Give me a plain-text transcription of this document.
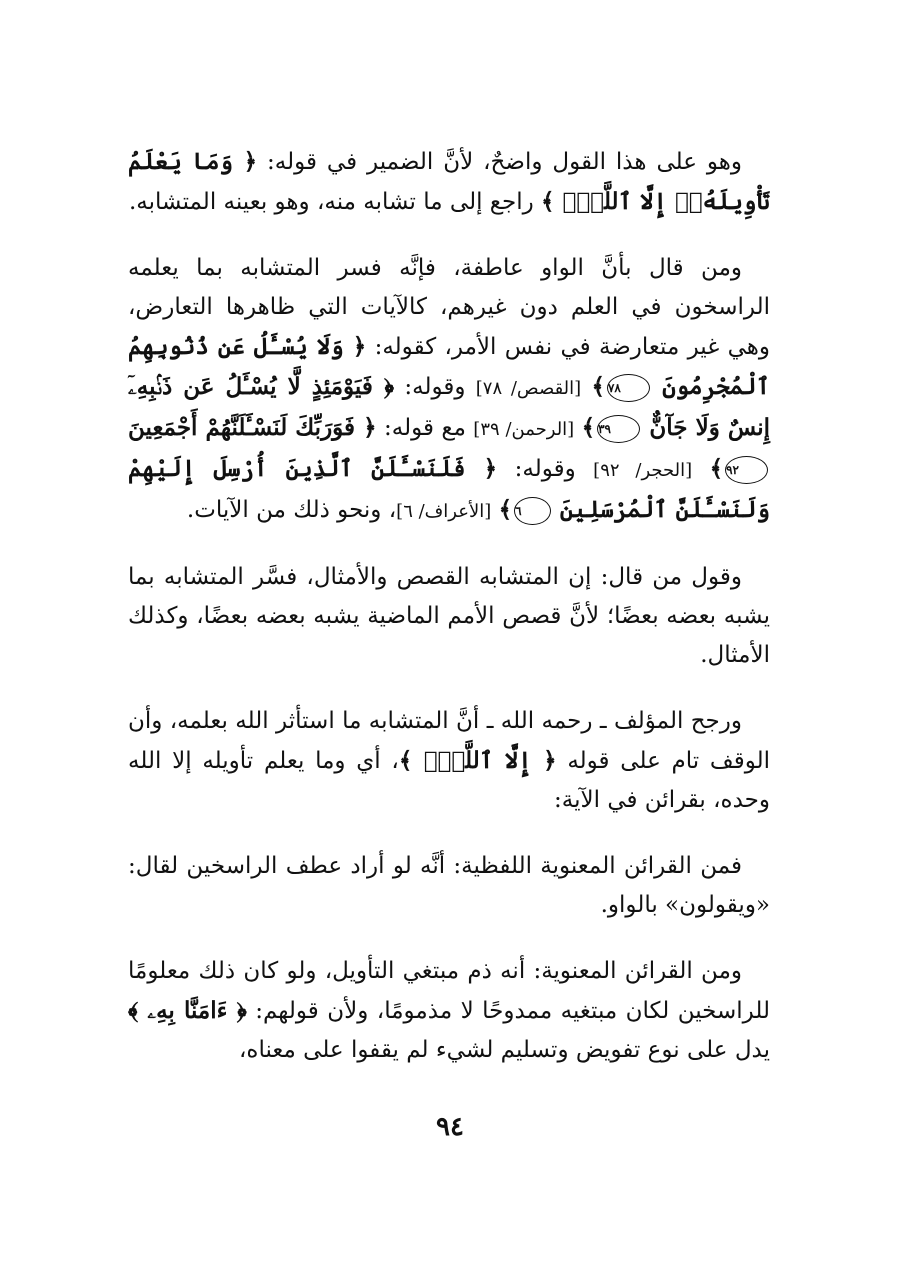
وهو على هذا القول واضحٌ، لأنَّ الضمير في قوله: ﴿ وَمَا يَعْلَمُ تَأْوِيلَهُۥٓ إِلَّا ٱللَّهُۗ ﴾ راجع إلى ما تشابه منه، وهو بعينه المتشابه.

ومن قال بأنَّ الواو عاطفة، فإنَّه فسر المتشابه بما يعلمه الراسخون في العلم دون غيرهم، كالآيات التي ظاهرها التعارض، وهي غير متعارضة في نفس الأمر، كقوله: ﴿ وَلَا يُسْـَٔلُ عَن ذُنُوبِهِمُ ٱلْمُجْرِمُونَ ٧٨﴾ [القصص/ ٧٨] وقوله: ﴿ فَيَوْمَئِذٍ لَّا يُسْـَٔلُ عَن ذَنۢبِهِۦٓ إِنسٌ وَلَا جَآنٌّ ٣٩﴾ [الرحمن/ ٣٩] مع قوله: ﴿ فَوَرَبِّكَ لَنَسْـَٔلَنَّهُمْ أَجْمَعِينَ ٩٢﴾ [الحجر/ ٩٢] وقوله: ﴿ فَلَنَسْـَٔلَنَّ ٱلَّذِينَ أُرْسِلَ إِلَيْهِمْ وَلَنَسْـَٔلَنَّ ٱلْمُرْسَلِينَ ٦﴾ [الأعراف/ ٦]، ونحو ذلك من الآيات.

وقول من قال: إن المتشابه القصص والأمثال، فسَّر المتشابه بما يشبه بعضه بعضًا؛ لأنَّ قصص الأمم الماضية يشبه بعضه بعضًا، وكذلك الأمثال.

ورجح المؤلف ـ رحمه الله ـ أنَّ المتشابه ما استأثر الله بعلمه، وأن الوقف تام على قوله ﴿ إِلَّا ٱللَّهُۗ ﴾، أي وما يعلم تأويله إلا الله وحده، بقرائن في الآية:

فمن القرائن المعنوية اللفظية: أنَّه لو أراد عطف الراسخين لقال: «ويقولون» بالواو.

ومن القرائن المعنوية: أنه ذم مبتغي التأويل، ولو كان ذلك معلومًا للراسخين لكان مبتغيه ممدوحًا لا مذمومًا، ولأن قولهم: ﴿ ءَامَنَّا بِهِۦ ﴾ يدل على نوع تفويض وتسليم لشيء لم يقفوا على معناه،

٩٤
